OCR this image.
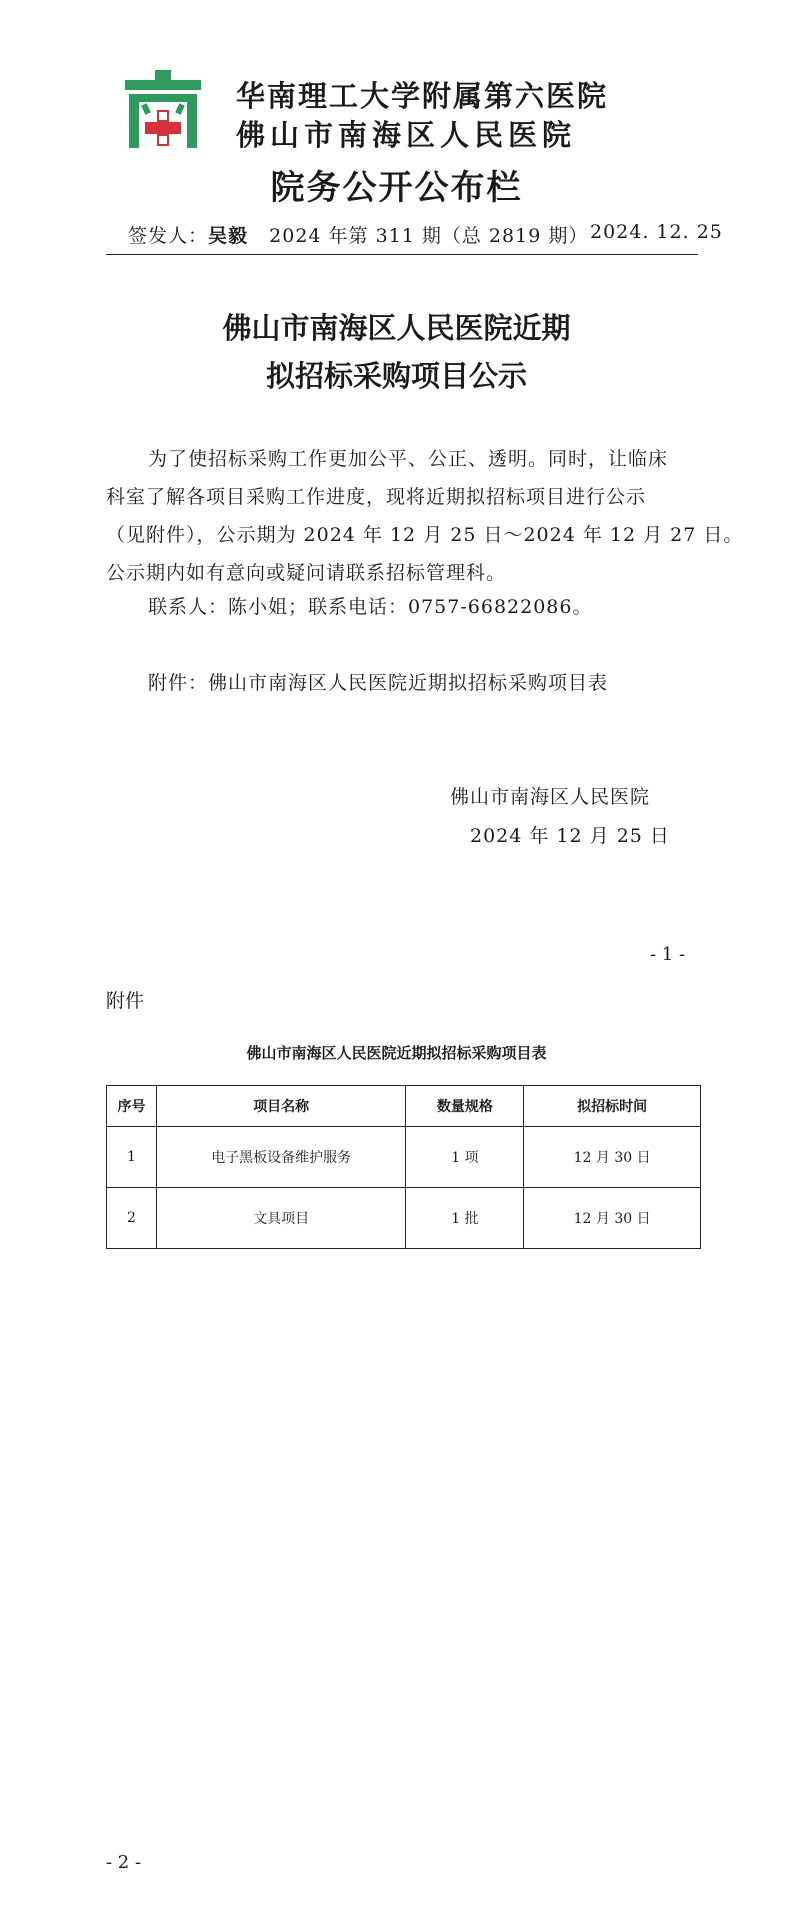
华南理工大学附属第六医院
佛山市南海区人民医院
院务公开公布栏
签发人：吴毅 2024 年第 311 期（总 2819 期） 2024. 12. 25
佛山市南海区人民医院近期
拟招标采购项目公示
为了使招标采购工作更加公平、公正、透明。同时，让临床
科室了解各项目采购工作进度，现将近期拟招标项目进行公示
（见附件），公示期为 2024 年 12 月 25 日～2024 年 12 月 27 日。
公示期内如有意向或疑问请联系招标管理科。
联系人：陈小姐；联系电话：0757-66822086。
附件：佛山市南海区人民医院近期拟招标采购项目表
佛山市南海区人民医院
2024 年 12 月 25 日
- 1 -
附件
佛山市南海区人民医院近期拟招标采购项目表
序号	项目名称	数量规格	拟招标时间
1	电子黑板设备维护服务	1 项	12 月 30 日
2	文具项目	1 批	12 月 30 日
- 2 -
